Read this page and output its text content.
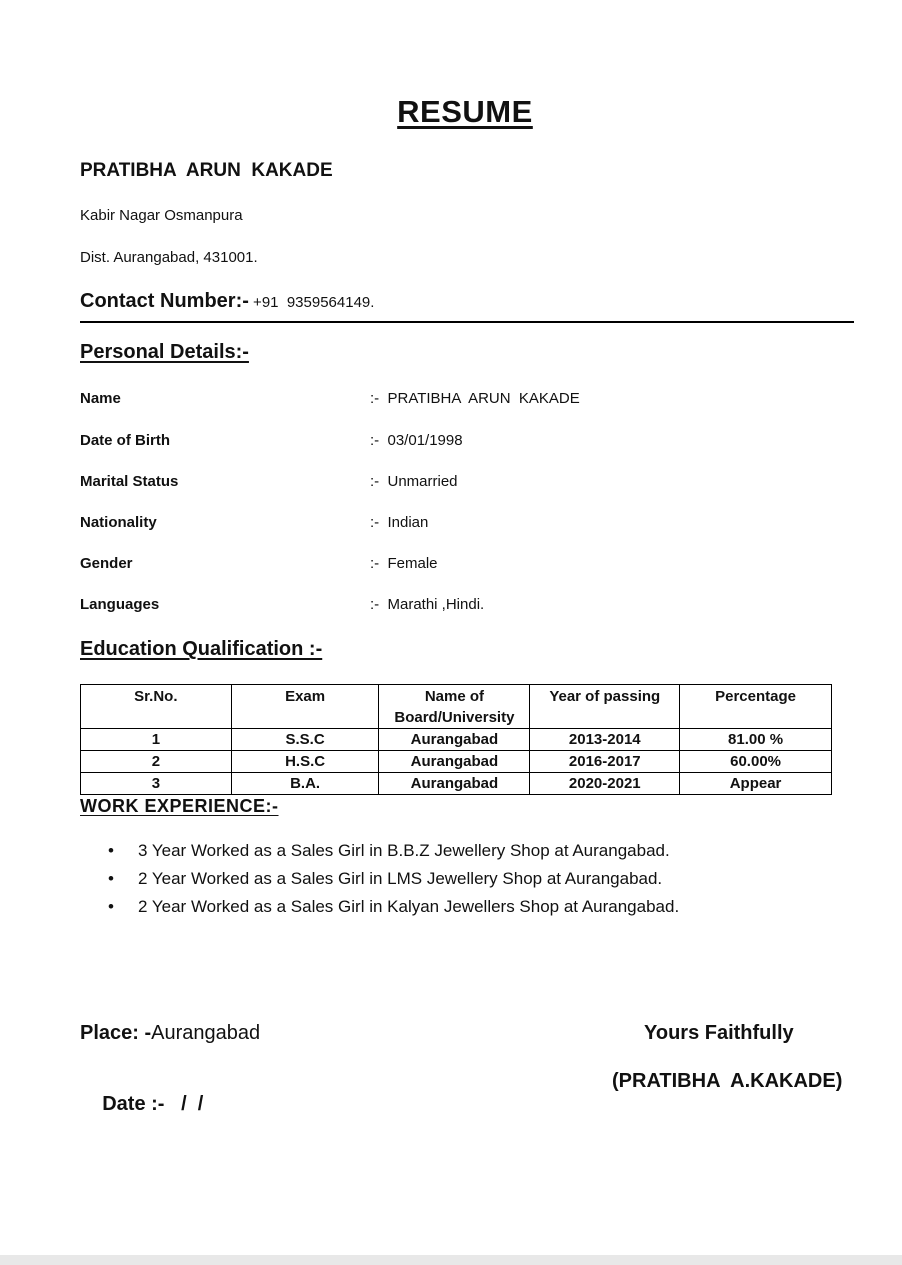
RESUME
PRATIBHA  ARUN  KAKADE
Kabir Nagar Osmanpura
Dist. Aurangabad, 431001.
Contact Number:- +91  9359564149.
Personal Details:-
Name	:-  PRATIBHA  ARUN  KAKADE
Date of Birth	:-  03/01/1998
Marital Status	:-  Unmarried
Nationality	:-  Indian
Gender	:-  Female
Languages	:-  Marathi ,Hindi.
Education Qualification :-
Sr.No.	Exam	Name of Board/University	Year of passing	Percentage
1	S.S.C	Aurangabad	2013-2014	81.00 %
2	H.S.C	Aurangabad	2016-2017	60.00%
3	B.A.	Aurangabad	2020-2021	Appear
WORK EXPERIENCE:-
• 3 Year Worked as a Sales Girl in B.B.Z Jewellery Shop at Aurangabad.
• 2 Year Worked as a Sales Girl in LMS Jewellery Shop at Aurangabad.
• 2 Year Worked as a Sales Girl in Kalyan Jewellers Shop at Aurangabad.
Place: -Aurangabad

Date :-   /  /

Yours Faithfully
(PRATIBHA  A.KAKADE)
